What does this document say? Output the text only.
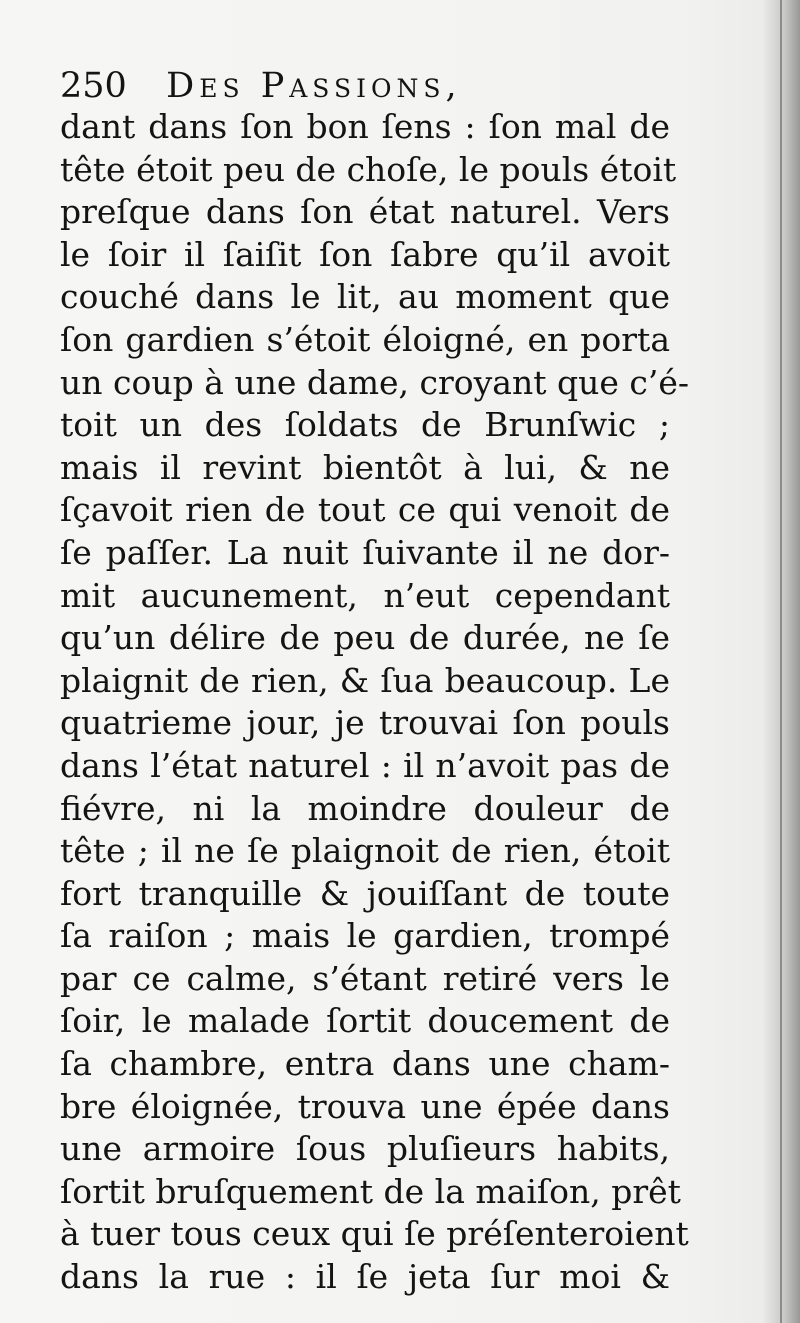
250 Des Passions,
dant dans ſon bon ſens : ſon mal de
tête étoit peu de choſe, le pouls étoit
preſque dans ſon état naturel. Vers
le ſoir il ſaiſit ſon ſabre qu’il avoit
couché dans le lit, au moment que
ſon gardien s’étoit éloigné, en porta
un coup à une dame, croyant que c’é-
toit un des ſoldats de Brunſwic ;
mais il revint bientôt à lui, & ne
ſçavoit rien de tout ce qui venoit de
ſe paſſer. La nuit ſuivante il ne dor-
mit aucunement, n’eut cependant
qu’un délire de peu de durée, ne ſe
plaignit de rien, & ſua beaucoup. Le
quatrieme jour, je trouvai ſon pouls
dans l’état naturel : il n’avoit pas de
fiévre, ni la moindre douleur de
tête ; il ne ſe plaignoit de rien, étoit
fort tranquille & jouiſſant de toute
ſa raiſon ; mais le gardien, trompé
par ce calme, s’étant retiré vers le
ſoir, le malade ſortit doucement de
ſa chambre, entra dans une cham-
bre éloignée, trouva une épée dans
une armoire ſous pluſieurs habits,
ſortit bruſquement de la maiſon, prêt
à tuer tous ceux qui ſe préſenteroient
dans la rue : il ſe jeta ſur moi &
